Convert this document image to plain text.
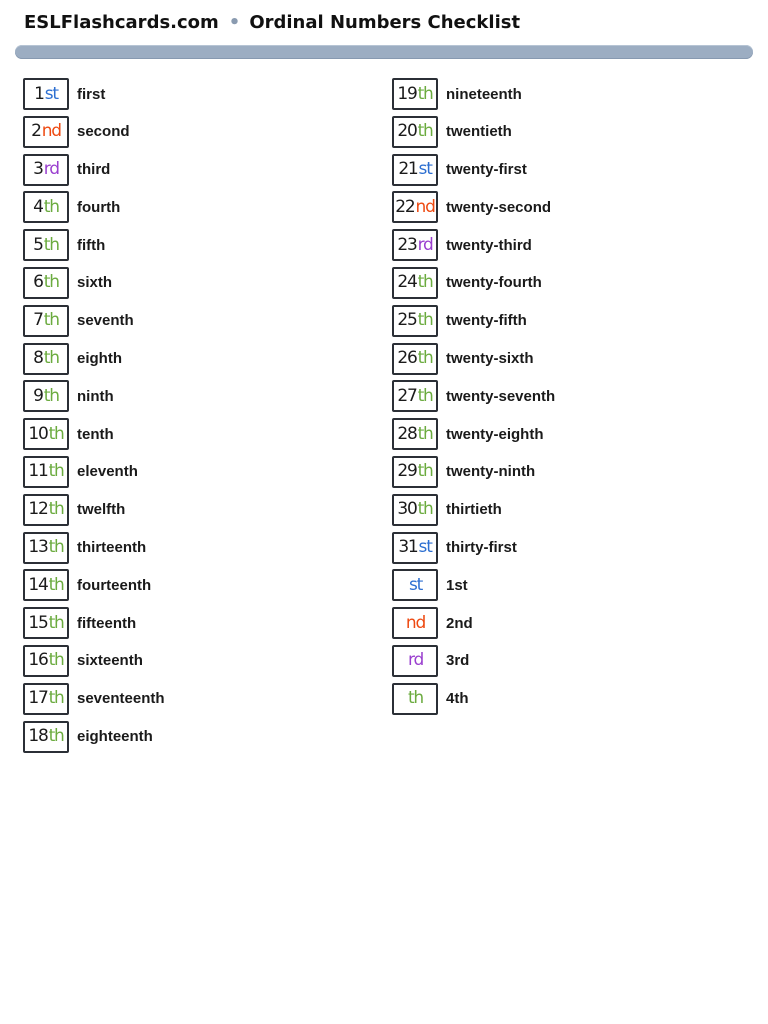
ESLFlashcards.com • Ordinal Numbers Checklist
1 st first
2 nd second
3 rd third
4 th fourth
5 th fifth
6 th sixth
7 th seventh
8 th eighth
9 th ninth
10 th tenth
11 th eleventh
12 th twelfth
13 th thirteenth
14 th fourteenth
15 th fifteenth
16 th sixteenth
17 th seventeenth
18 th eighteenth
19 th nineteenth
20 th twentieth
21 st twenty-first
22 nd twenty-second
23 rd twenty-third
24 th twenty-fourth
25 th twenty-fifth
26 th twenty-sixth
27 th twenty-seventh
28 th twenty-eighth
29 th twenty-ninth
30 th thirtieth
31 st thirty-first
st 1st
nd 2nd
rd 3rd
th 4th
